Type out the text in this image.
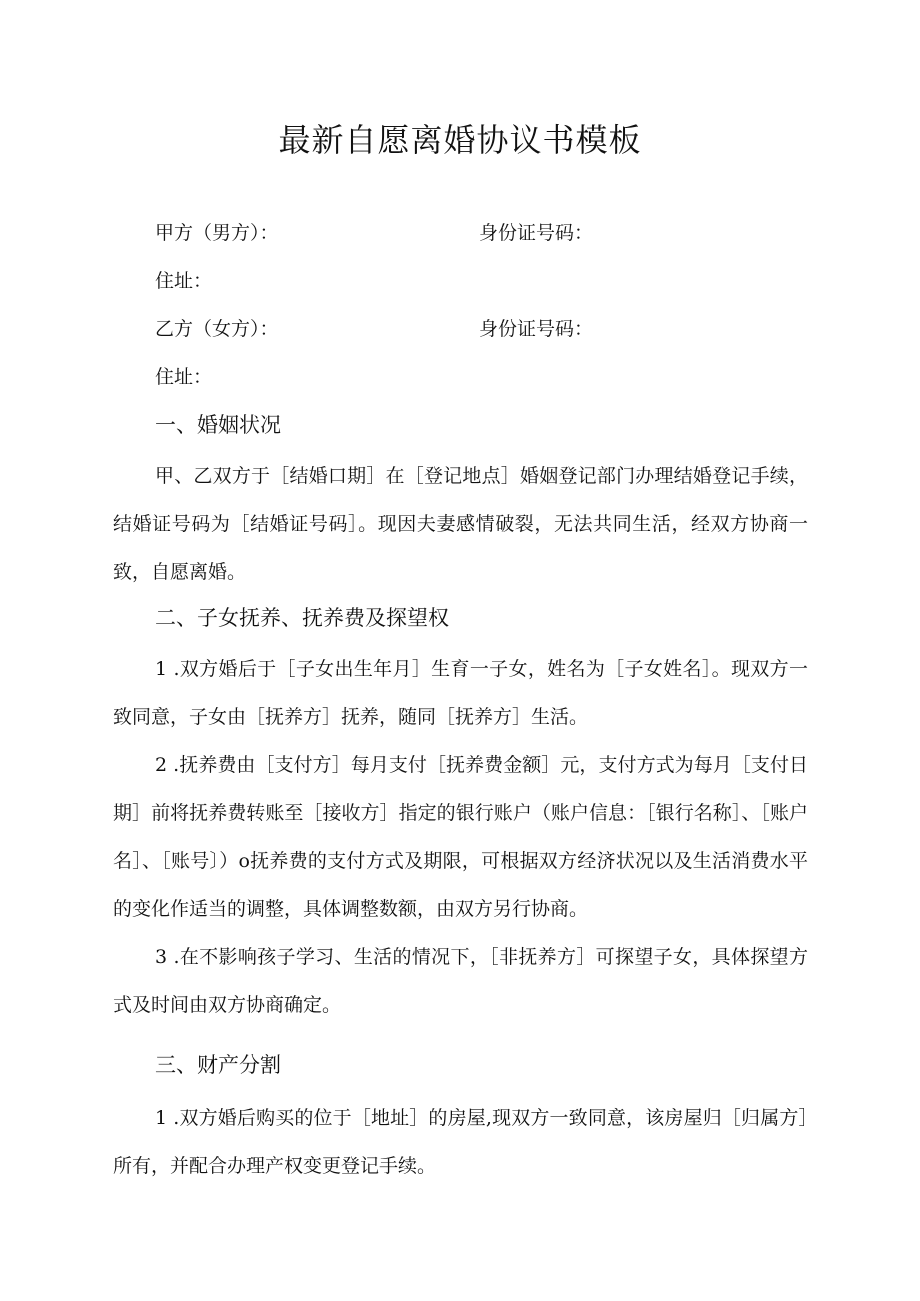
最新自愿离婚协议书模板
甲方（男方）：	身份证号码：
住址：
乙方（女方）：	身份证号码：
住址：
一、婚姻状况

甲、乙双方于［结婚口期］在［登记地点］婚姻登记部门办理结婚登记手续，结婚证号码为［结婚证号码］。现因夫妻感情破裂，无法共同生活，经双方协商一致，自愿离婚。

二、子女抚养、抚养费及探望权

1 .双方婚后于［子女出生年月］生育一子女，姓名为［子女姓名］。现双方一致同意，子女由［抚养方］抚养，随同［抚养方］生活。

2 .抚养费由［支付方］每月支付［抚养费金额］元，支付方式为每月［支付日期］前将抚养费转账至［接收方］指定的银行账户（账户信息：［银行名称］、［账户名］、［账号〕）o抚养费的支付方式及期限，可根据双方经济状况以及生活消费水平的变化作适当的调整，具体调整数额，由双方另行协商。

3 .在不影响孩子学习、生活的情况下，［非抚养方］可探望子女，具体探望方式及时间由双方协商确定。

三、财产分割

1 .双方婚后购买的位于［地址］的房屋,现双方一致同意，该房屋归［归属方］所有，并配合办理产权变更登记手续。
